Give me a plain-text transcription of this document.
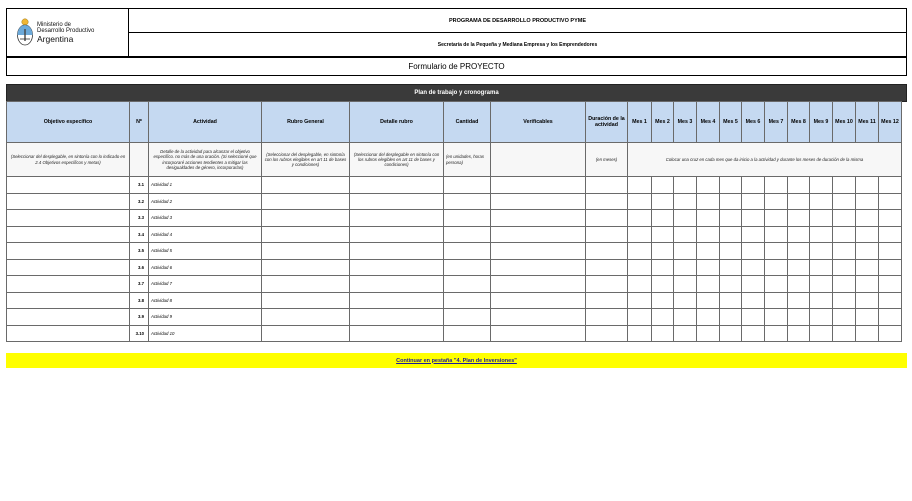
Ministerio de
Desarrollo Productivo
Argentina
PROGRAMA DE DESARROLLO PRODUCTIVO PYME
Secretaría de la Pequeña y Mediana Empresa y los Emprendedores
Formulario de PROYECTO
Plan de trabajo y cronograma
Objetivo específico	Nº	Actividad	Rubro General	Detalle rubro	Cantidad	Verificables	Duración de la actividad	Mes 1	Mes 2	Mes 3	Mes 4	Mes 5	Mes 6	Mes 7	Mes 8	Mes 9	Mes 10	Mes 11	Mes 12
(Seleccionar del desplegable, en sintonía con lo indicado en 2.4 Objetivos específicos y metas)		Detalle de la actividad para alcanzar el objetivo específico. no más de una oración. (Si seleccioné que incorporaré acciones tendientes a mitigar las desigualdades de género, incorporarlas)	(Seleccionar del desplegable, en sintonía con los rubros elegibles en art 11 de bases y condiciones)	(Seleccionar del desplegable en sintonía con los rubros elegibles en art 11 de bases y condiciones)	(en unidades, horas persona)		(en meses)	Colocar una cruz en cada mes que da inicio a la actividad y durante los meses de duración de la misma											
	3.1	Actividad 1																	
	3.2	Actividad 2																	
	3.3	Actividad 3																	
	3.4	Actividad 4																	
	3.5	Actividad 5																	
	3.6	Actividad 6																	
	3.7	Actividad 7																	
	3.8	Actividad 8																	
	3.9	Actividad 9																	
	3.10	Actividad 10																	
Continuar en pestaña "4. Plan de Inversiones"
